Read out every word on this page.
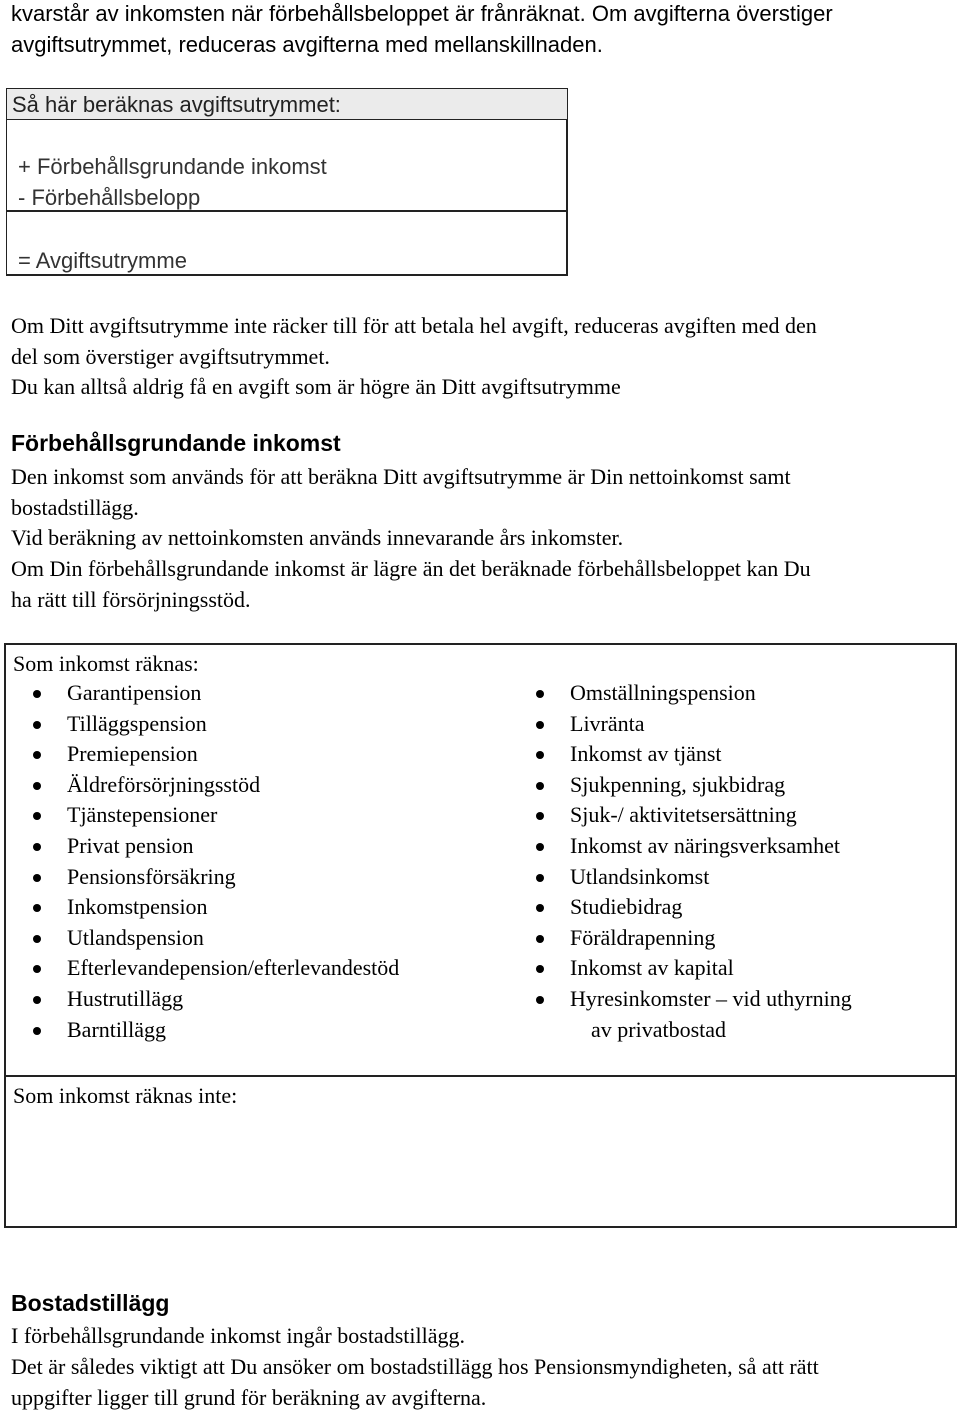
kvarstår av inkomsten när förbehållsbeloppet är frånräknat. Om avgifterna överstiger
avgiftsutrymmet, reduceras avgifterna med mellanskillnaden.
Så här beräknas avgiftsutrymmet:
+ Förbehållsgrundande inkomst
- Förbehållsbelopp
= Avgiftsutrymme
Om Ditt avgiftsutrymme inte räcker till för att betala hel avgift, reduceras avgiften med den
del som överstiger avgiftsutrymmet.
Du kan alltså aldrig få en avgift som är högre än Ditt avgiftsutrymme
Förbehållsgrundande inkomst
Den inkomst som används för att beräkna Ditt avgiftsutrymme är Din nettoinkomst samt
bostadstillägg.
Vid beräkning av nettoinkomsten används innevarande års inkomster.
Om Din förbehållsgrundande inkomst är lägre än det beräknade förbehållsbeloppet kan Du
ha rätt till försörjningsstöd.
Som inkomst räknas:
Garantipension
Tilläggspension
Premiepension
Äldreförsörjningsstöd
Tjänstepensioner
Privat pension
Pensionsförsäkring
Inkomstpension
Utlandspension
Efterlevandepension/efterlevandestöd
Hustrutillägg
Barntillägg
Omställningspension
Livränta
Inkomst av tjänst
Sjukpenning, sjukbidrag
Sjuk-/ aktivitetsersättning
Inkomst av näringsverksamhet
Utlandsinkomst
Studiebidrag
Föräldrapenning
Inkomst av kapital
Hyresinkomster – vid uthyrning
av privatbostad
Som inkomst räknas inte:
Bostadstillägg
I förbehållsgrundande inkomst ingår bostadstillägg.
Det är således viktigt att Du ansöker om bostadstillägg hos Pensionsmyndigheten, så att rätt
uppgifter ligger till grund för beräkning av avgifterna.
